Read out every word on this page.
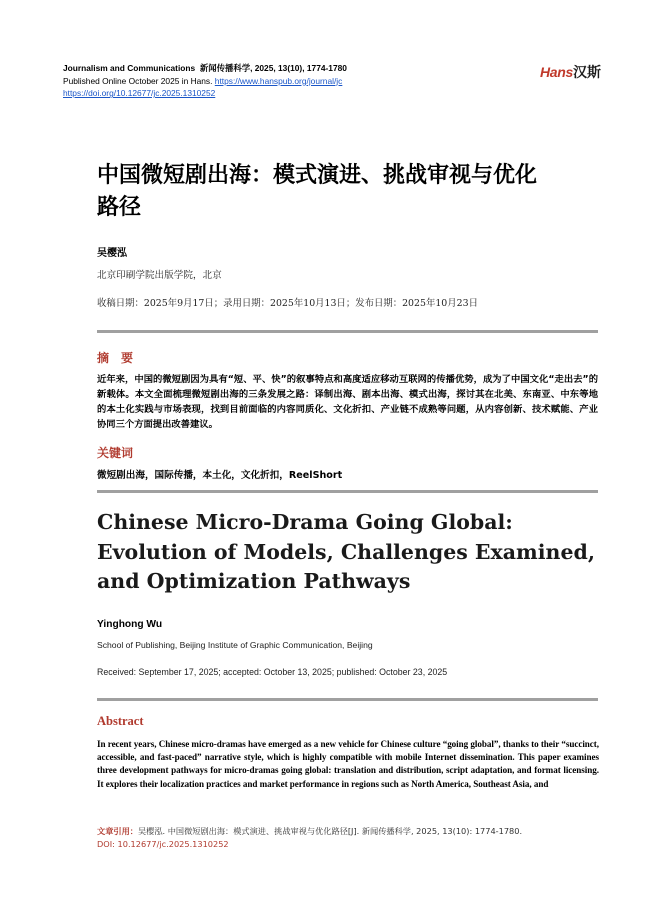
Journalism and Communications 新闻传播科学, 2025, 13(10), 1774-1780
Published Online October 2025 in Hans. https://www.hanspub.org/journal/jc
https://doi.org/10.12677/jc.2025.1310252
Hans汉斯
中国微短剧出海：模式演进、挑战审视与优化
路径
吴樱泓
北京印刷学院出版学院，北京
收稿日期：2025年9月17日；录用日期：2025年10月13日；发布日期：2025年10月23日
摘　要
近年来，中国的微短剧因为具有“短、平、快”的叙事特点和高度适应移动互联网的传播优势，成为了中国文化“走出去”的新载体。本文全面梳理微短剧出海的三条发展之路：译制出海、剧本出海、模式出海，探讨其在北美、东南亚、中东等地的本土化实践与市场表现，找到目前面临的内容同质化、文化折扣、产业链不成熟等问题，从内容创新、技术赋能、产业协同三个方面提出改善建议。
关键词
微短剧出海，国际传播，本土化，文化折扣，ReelShort
Chinese Micro-Drama Going Global:
Evolution of Models, Challenges Examined,
and Optimization Pathways
Yinghong Wu
School of Publishing, Beijing Institute of Graphic Communication, Beijing
Received: September 17, 2025; accepted: October 13, 2025; published: October 23, 2025
Abstract
In recent years, Chinese micro-dramas have emerged as a new vehicle for Chinese culture “going global”, thanks to their “succinct, accessible, and fast-paced” narrative style, which is highly compatible with mobile Internet dissemination. This paper examines three development pathways for micro-dramas going global: translation and distribution, script adaptation, and format licensing. It explores their localization practices and market performance in regions such as North America, Southeast Asia, and
文章引用：吴樱泓. 中国微短剧出海：模式演进、挑战审视与优化路径[J]. 新闻传播科学, 2025, 13(10): 1774-1780.
DOI: 10.12677/jc.2025.1310252
